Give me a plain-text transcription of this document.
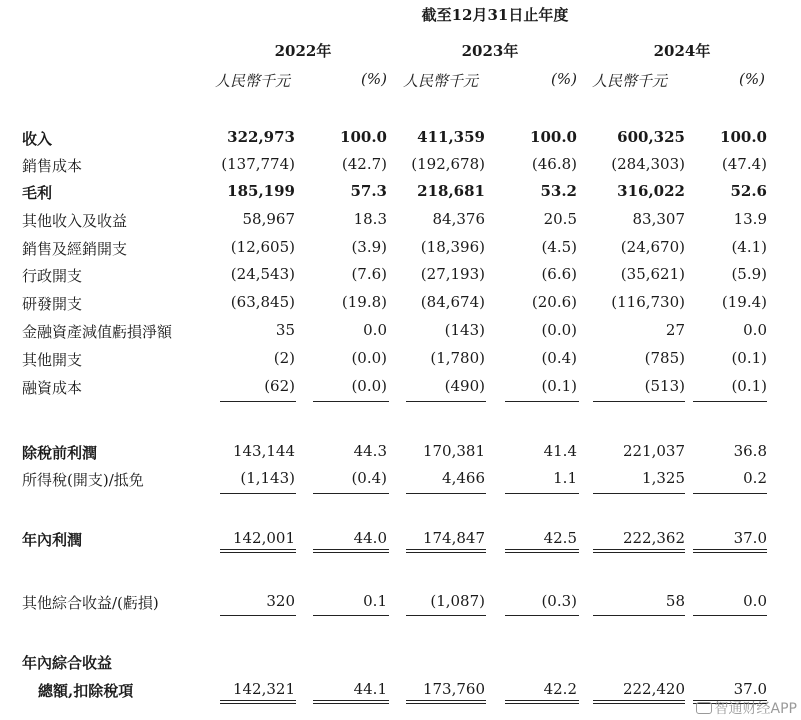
截至12月31日止年度
2022年	2023年	2024年
人民幣千元	(%) 人民幣千元	(%) 人民幣千元	(%)
收入	322,973	100.0	411,359	100.0	600,325	100.0
銷售成本	(137,774)	(42.7)	(192,678)	(46.8)	(284,303)	(47.4)
毛利	185,199	57.3	218,681	53.2	316,022	52.6
其他收入及收益	58,967	18.3	84,376	20.5	83,307	13.9
銷售及經銷開支	(12,605)	(3.9)	(18,396)	(4.5)	(24,670)	(4.1)
行政開支	(24,543)	(7.6)	(27,193)	(6.6)	(35,621)	(5.9)
研發開支	(63,845)	(19.8)	(84,674)	(20.6)	(116,730)	(19.4)
金融資產減值虧損淨額	35	0.0	(143)	(0.0)	27	0.0
其他開支	(2)	(0.0)	(1,780)	(0.4)	(785)	(0.1)
融資成本	(62)	(0.0)	(490)	(0.1)	(513)	(0.1)
除稅前利潤	143,144	44.3	170,381	41.4	221,037	36.8
所得稅(開支)/抵免	(1,143)	(0.4)	4,466	1.1	1,325	0.2
年內利潤	142,001	44.0	174,847	42.5	222,362	37.0
其他綜合收益/(虧損)	320	0.1	(1,087)	(0.3)	58	0.0
年內綜合收益
總額,扣除稅項	142,321	44.1	173,760	42.2	222,420	37.0
智通财经APP
